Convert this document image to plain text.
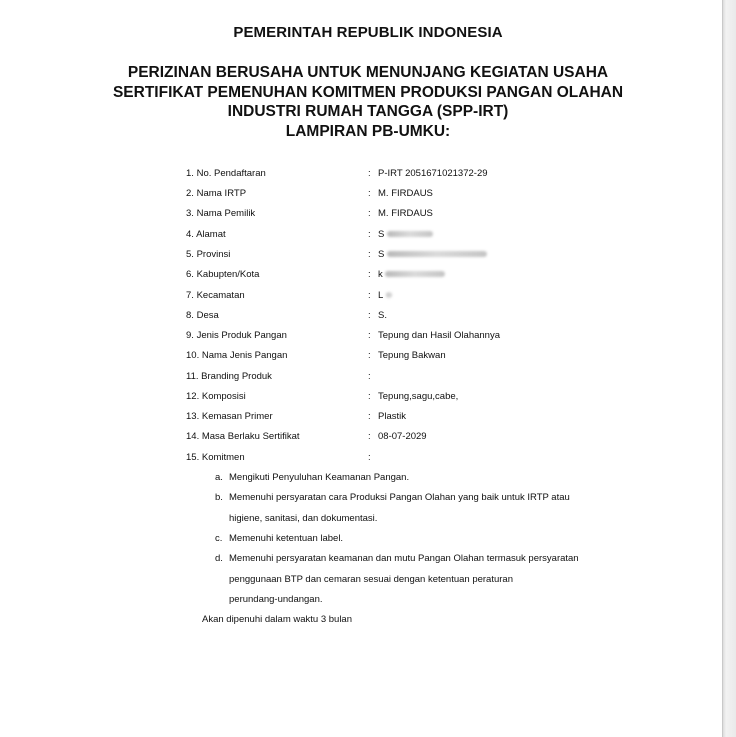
PEMERINTAH REPUBLIK INDONESIA
PERIZINAN BERUSAHA UNTUK MENUNJANG KEGIATAN USAHA
SERTIFIKAT PEMENUHAN KOMITMEN PRODUKSI PANGAN OLAHAN
INDUSTRI RUMAH TANGGA (SPP-IRT)
LAMPIRAN PB-UMKU:
1. No. Pendaftaran	: P-IRT 2051671021372-29
2. Nama IRTP	: M. FIRDAUS
3. Nama Pemilik	: M. FIRDAUS
4. Alamat	: S
5. Provinsi	: S
6. Kabupten/Kota	: k
7. Kecamatan	: L
8. Desa	: S.
9. Jenis Produk Pangan	: Tepung dan Hasil Olahannya
10. Nama Jenis Pangan	: Tepung Bakwan
11. Branding Produk	:
12. Komposisi	: Tepung,sagu,cabe,
13. Kemasan Primer	: Plastik
14. Masa Berlaku Sertifikat	: 08-07-2029
15. Komitmen	:
a. Mengikuti Penyuluhan Keamanan Pangan.
b. Memenuhi persyaratan cara Produksi Pangan Olahan yang baik untuk IRTP atau
higiene, sanitasi, dan dokumentasi.
c. Memenuhi ketentuan label.
d. Memenuhi persyaratan keamanan dan mutu Pangan Olahan termasuk persyaratan
penggunaan BTP dan cemaran sesuai dengan ketentuan peraturan
perundang-undangan.
Akan dipenuhi dalam waktu 3 bulan
